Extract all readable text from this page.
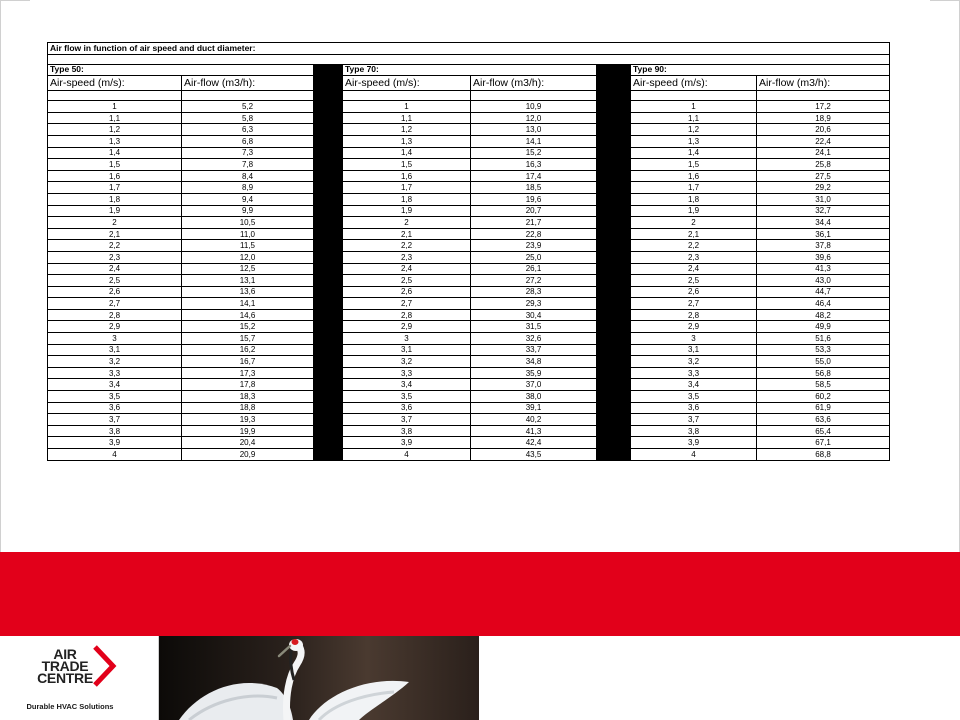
Air flow in function of air speed and duct diameter:							

Type 50:			Type 70:			Type 90:	
Air-speed (m/s):	Air-flow (m3/h):		Air-speed (m/s):	Air-flow (m3/h):		Air-speed (m/s):	Air-flow (m3/h):

1	5,2		1	10,9		1	17,2
1,1	5,8		1,1	12,0		1,1	18,9
1,2	6,3		1,2	13,0		1,2	20,6
1,3	6,8		1,3	14,1		1,3	22,4
1,4	7,3		1,4	15,2		1,4	24,1
1,5	7,8		1,5	16,3		1,5	25,8
1,6	8,4		1,6	17,4		1,6	27,5
1,7	8,9		1,7	18,5		1,7	29,2
1,8	9,4		1,8	19,6		1,8	31,0
1,9	9,9		1,9	20,7		1,9	32,7
2	10,5		2	21,7		2	34,4
2,1	11,0		2,1	22,8		2,1	36,1
2,2	11,5		2,2	23,9		2,2	37,8
2,3	12,0		2,3	25,0		2,3	39,6
2,4	12,5		2,4	26,1		2,4	41,3
2,5	13,1		2,5	27,2		2,5	43,0
2,6	13,6		2,6	28,3		2,6	44,7
2,7	14,1		2,7	29,3		2,7	46,4
2,8	14,6		2,8	30,4		2,8	48,2
2,9	15,2		2,9	31,5		2,9	49,9
3	15,7		3	32,6		3	51,6
3,1	16,2		3,1	33,7		3,1	53,3
3,2	16,7		3,2	34,8		3,2	55,0
3,3	17,3		3,3	35,9		3,3	56,8
3,4	17,8		3,4	37,0		3,4	58,5
3,5	18,3		3,5	38,0		3,5	60,2
3,6	18,8		3,6	39,1		3,6	61,9
3,7	19,3		3,7	40,2		3,7	63,6
3,8	19,9		3,8	41,3		3,8	65,4
3,9	20,4		3,9	42,4		3,9	67,1
4	20,9		4	43,5		4	68,8
AIR
TRADE
CENTRE
Durable HVAC Solutions
